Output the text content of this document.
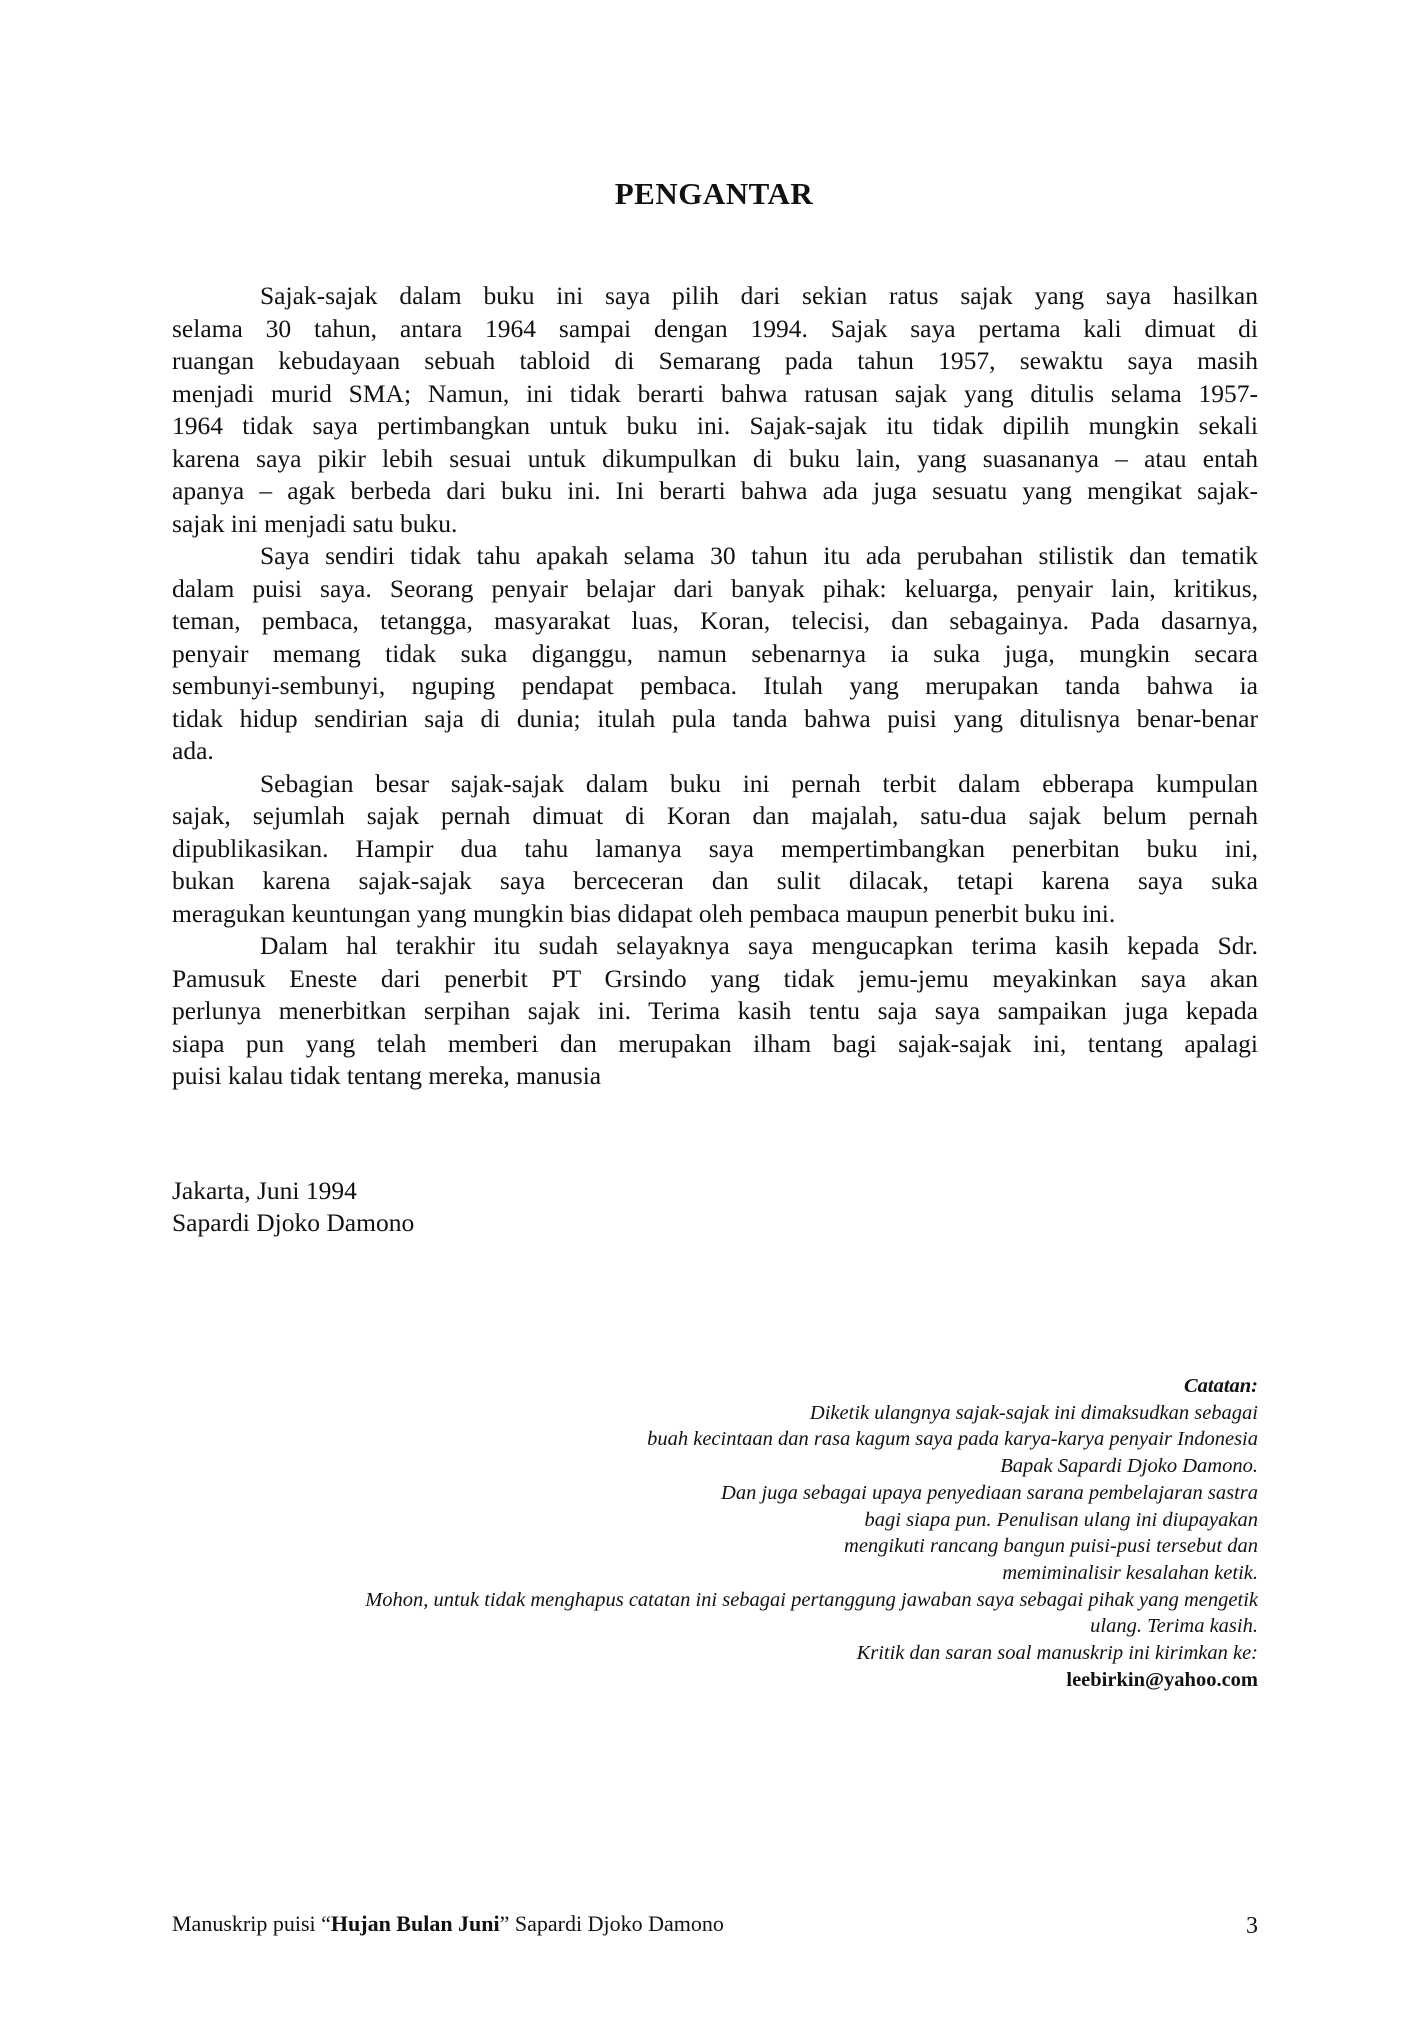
PENGANTAR

Sajak-sajak dalam buku ini saya pilih dari sekian ratus sajak yang saya hasilkan
selama 30 tahun, antara 1964 sampai dengan 1994. Sajak saya pertama kali dimuat di
ruangan kebudayaan sebuah tabloid di Semarang pada tahun 1957, sewaktu saya masih
menjadi murid SMA; Namun, ini tidak berarti bahwa ratusan sajak yang ditulis selama 1957-
1964 tidak saya pertimbangkan untuk buku ini. Sajak-sajak itu tidak dipilih mungkin sekali
karena saya pikir lebih sesuai untuk dikumpulkan di buku lain, yang suasananya – atau entah
apanya – agak berbeda dari buku ini. Ini berarti bahwa ada juga sesuatu yang mengikat sajak-
sajak ini menjadi satu buku.

Saya sendiri tidak tahu apakah selama 30 tahun itu ada perubahan stilistik dan tematik
dalam puisi saya. Seorang penyair belajar dari banyak pihak: keluarga, penyair lain, kritikus,
teman, pembaca, tetangga, masyarakat luas, Koran, telecisi, dan sebagainya. Pada dasarnya,
penyair memang tidak suka diganggu, namun sebenarnya ia suka juga, mungkin secara
sembunyi-sembunyi, nguping pendapat pembaca. Itulah yang merupakan tanda bahwa ia
tidak hidup sendirian saja di dunia; itulah pula tanda bahwa puisi yang ditulisnya benar-benar
ada.

Sebagian besar sajak-sajak dalam buku ini pernah terbit dalam ebberapa kumpulan
sajak, sejumlah sajak pernah dimuat di Koran dan majalah, satu-dua sajak belum pernah
dipublikasikan. Hampir dua tahu lamanya saya mempertimbangkan penerbitan buku ini,
bukan karena sajak-sajak saya berceceran dan sulit dilacak, tetapi karena saya suka
meragukan keuntungan yang mungkin bias didapat oleh pembaca maupun penerbit buku ini.

Dalam hal terakhir itu sudah selayaknya saya mengucapkan terima kasih kepada Sdr.
Pamusuk Eneste dari penerbit PT Grsindo yang tidak jemu-jemu meyakinkan saya akan
perlunya menerbitkan serpihan sajak ini. Terima kasih tentu saja saya sampaikan juga kepada
siapa pun yang telah memberi dan merupakan ilham bagi sajak-sajak ini, tentang apalagi
puisi kalau tidak tentang mereka, manusia

Jakarta, Juni 1994
Sapardi Djoko Damono
Catatan:
Diketik ulangnya sajak-sajak ini dimaksudkan sebagai
buah kecintaan dan rasa kagum saya pada karya-karya penyair Indonesia
Bapak Sapardi Djoko Damono.
Dan juga sebagai upaya penyediaan sarana pembelajaran sastra
bagi siapa pun. Penulisan ulang ini diupayakan
mengikuti rancang bangun puisi-pusi tersebut dan
memiminalisir kesalahan ketik.
Mohon, untuk tidak menghapus catatan ini sebagai pertanggung jawaban saya sebagai pihak yang mengetik
ulang. Terima kasih.
Kritik dan saran soal manuskrip ini kirimkan ke:
leebirkin@yahoo.com
Manuskrip puisi “Hujan Bulan Juni” Sapardi Djoko Damono	3
